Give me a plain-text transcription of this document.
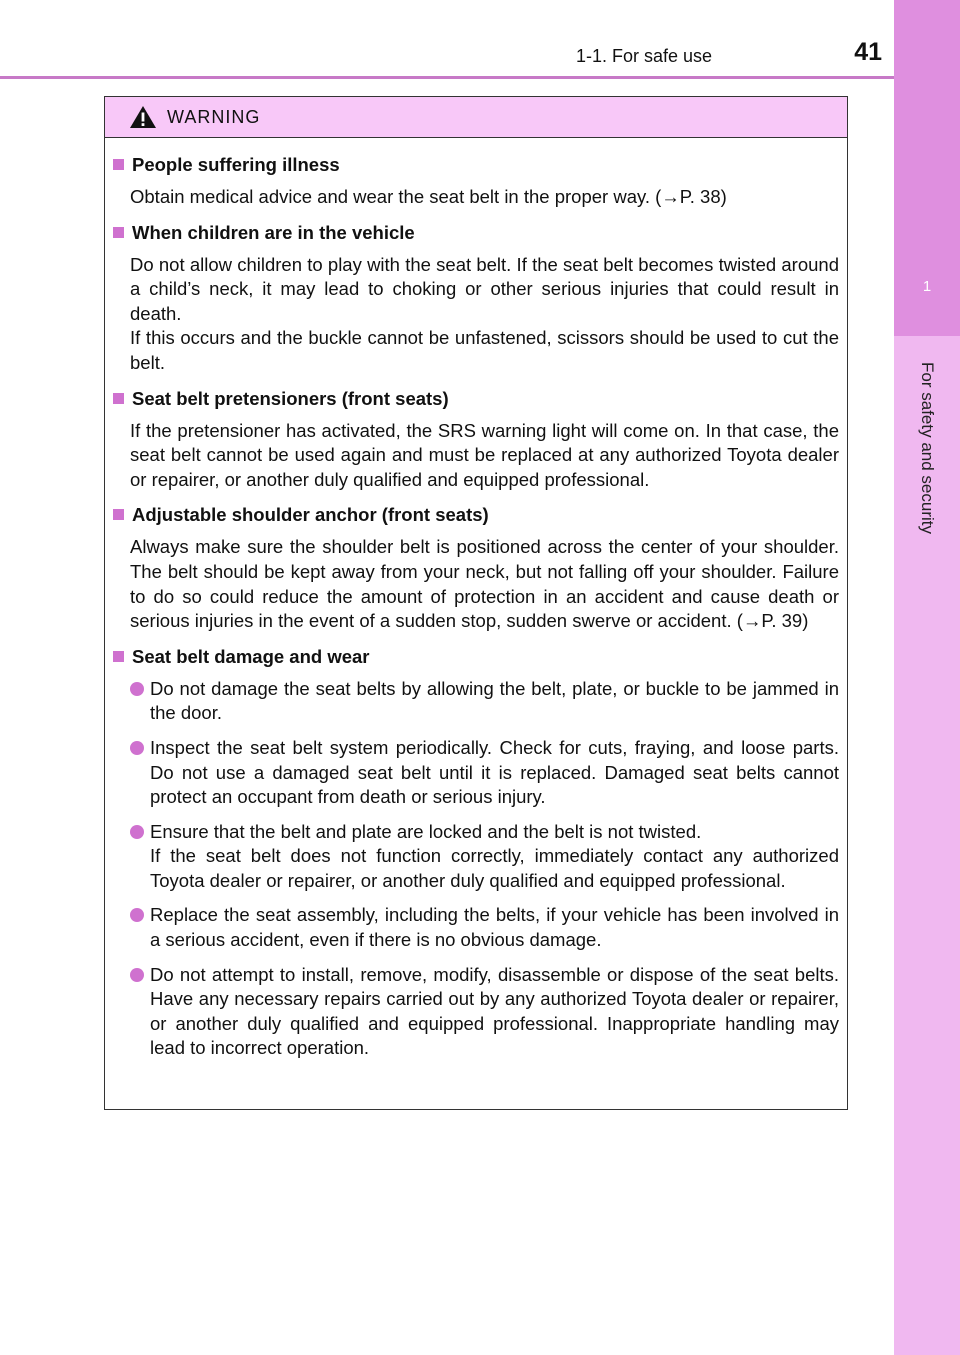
1-1. For safe use	41
1
For safety and security
WARNING
People suffering illness
Obtain medical advice and wear the seat belt in the proper way. (→P. 38)
When children are in the vehicle
Do not allow children to play with the seat belt. If the seat belt becomes twisted around a child’s neck, it may lead to choking or other serious injuries that could result in death.
If this occurs and the buckle cannot be unfastened, scissors should be used to cut the belt.
Seat belt pretensioners (front seats)
If the pretensioner has activated, the SRS warning light will come on. In that case, the seat belt cannot be used again and must be replaced at any authorized Toyota dealer or repairer, or another duly qualified and equipped professional.
Adjustable shoulder anchor (front seats)
Always make sure the shoulder belt is positioned across the center of your shoulder. The belt should be kept away from your neck, but not falling off your shoulder. Failure to do so could reduce the amount of protection in an accident and cause death or serious injuries in the event of a sudden stop, sudden swerve or accident. (→P. 39)
Seat belt damage and wear
Do not damage the seat belts by allowing the belt, plate, or buckle to be jammed in the door.
Inspect the seat belt system periodically. Check for cuts, fraying, and loose parts. Do not use a damaged seat belt until it is replaced. Damaged seat belts cannot protect an occupant from death or serious injury.
Ensure that the belt and plate are locked and the belt is not twisted.
If the seat belt does not function correctly, immediately contact any authorized Toyota dealer or repairer, or another duly qualified and equipped professional.
Replace the seat assembly, including the belts, if your vehicle has been involved in a serious accident, even if there is no obvious damage.
Do not attempt to install, remove, modify, disassemble or dispose of the seat belts. Have any necessary repairs carried out by any authorized Toyota dealer or repairer, or another duly qualified and equipped professional. Inappropriate handling may lead to incorrect operation.
